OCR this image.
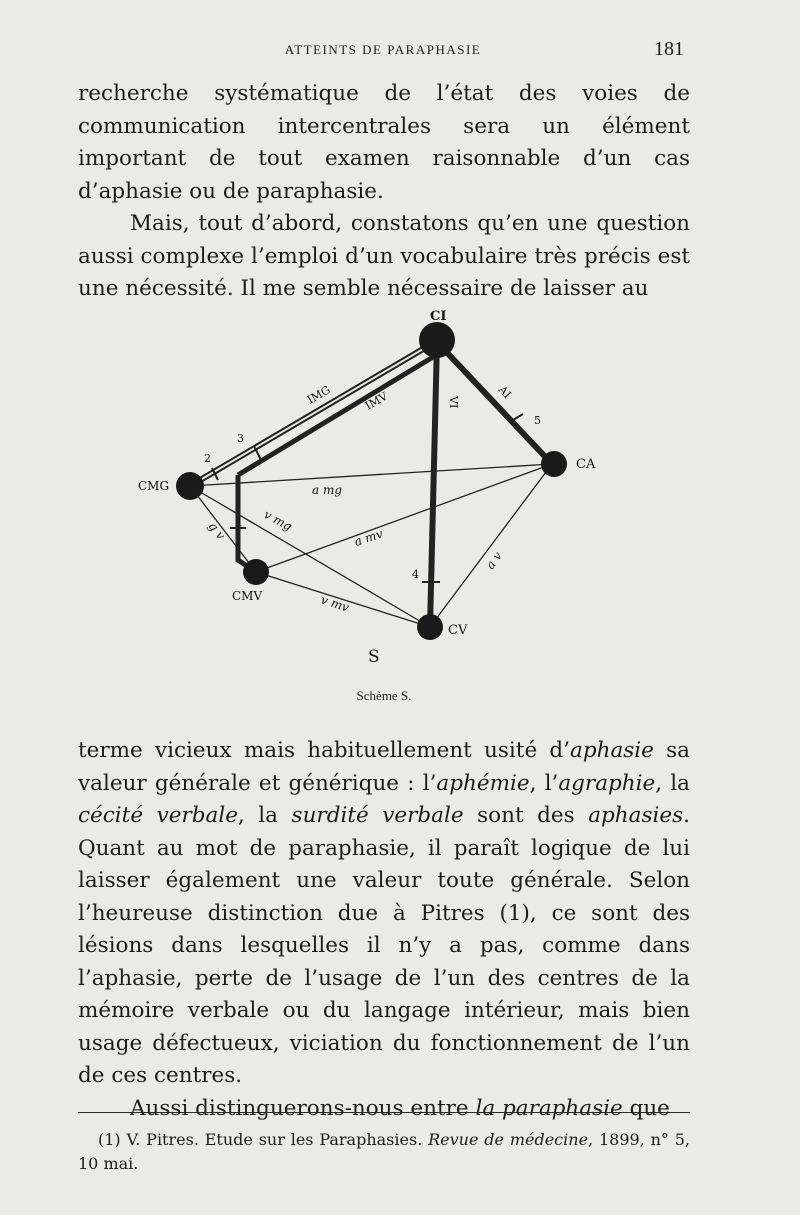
ATTEINTS DE PARAPHASIE	181

recherche systématique de l’état des voies de communication intercentrales sera un élément important de tout examen raisonnable d’un cas d’aphasie ou de paraphasie.

Mais, tout d’abord, constatons qu’en une question aussi complexe l’emploi d’un vocabulaire très précis est une nécessité. Il me semble nécessaire de laisser au

CI
CA
CMG
CMV
CV
S
IMG	IMV	VI
AI
a mg
a mv
v mg
v mv
a v
g v
2
3
1
4
5
Schème S.

terme vicieux mais habituellement usité d’aphasie sa valeur générale et générique : l’aphémie, l’agraphie, la cécité verbale, la surdité verbale sont des aphasies. Quant au mot de paraphasie, il paraît logique de lui laisser également une valeur toute générale. Selon l’heureuse distinction due à Pitres (1), ce sont des lésions dans lesquelles il n’y a pas, comme dans l’aphasie, perte de l’usage de l’un des centres de la mémoire verbale ou du langage intérieur, mais bien usage défectueux, viciation du fonctionnement de l’un de ces centres.

Aussi distinguerons-nous entre la paraphasie que

(1) V. Pitres. Etude sur les Paraphasies. Revue de médecine, 1899, n° 5, 10 mai.
